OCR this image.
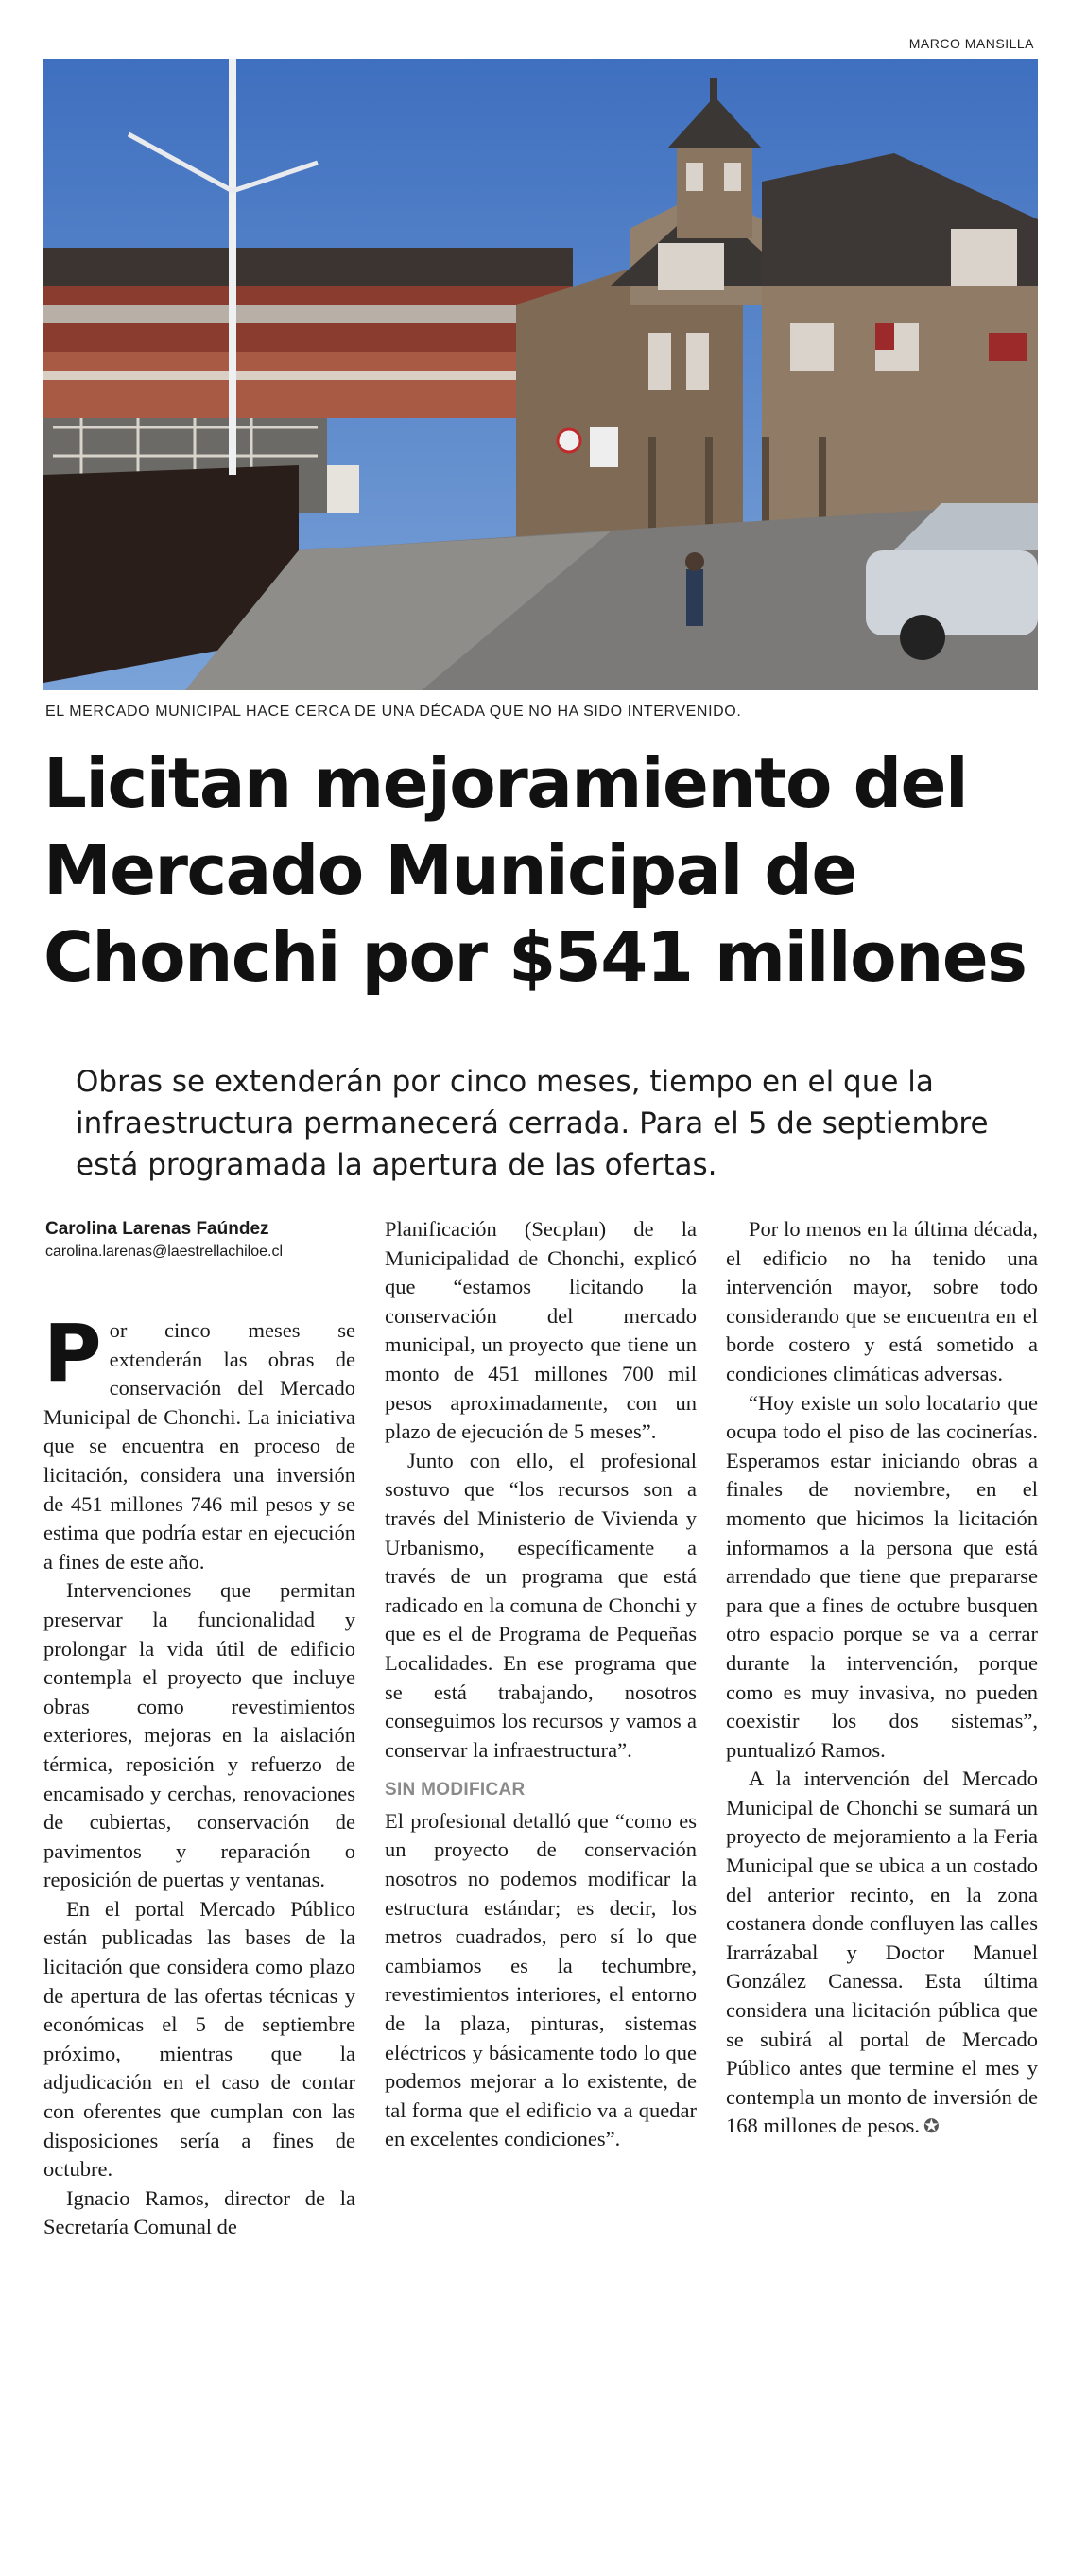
MARCO MANSILLA
EL MERCADO MUNICIPAL HACE CERCA DE UNA DÉCADA QUE NO HA SIDO INTERVENIDO.
Licitan mejoramiento del Mercado Municipal de Chonchi por $541 millones

Obras se extenderán por cinco meses, tiempo en el que la infraestructura permanecerá cerrada. Para el 5 de septiembre está programada la apertura de las ofertas.

Carolina Larenas Faúndez
carolina.larenas@laestrellachiloe.cl

Por cinco meses se extenderán las obras de conservación del Mercado Municipal de Chonchi. La iniciativa que se encuentra en proceso de licitación, considera una inversión de 451 millones 746 mil pesos y se estima que podría estar en ejecución a fines de este año.

Intervenciones que permitan preservar la funcionalidad y prolongar la vida útil de edificio contempla el proyecto que incluye obras como revestimientos exteriores, mejoras en la aislación térmica, reposición y refuerzo de encamisado y cerchas, renovaciones de cubiertas, conservación de pavimentos y reparación o reposición de puertas y ventanas.

En el portal Mercado Público están publicadas las bases de la licitación que considera como plazo de apertura de las ofertas técnicas y económicas el 5 de septiembre próximo, mientras que la adjudicación en el caso de contar con oferentes que cumplan con las disposiciones sería a fines de octubre.

Ignacio Ramos, director de la Secretaría Comunal de

Planificación (Secplan) de la Municipalidad de Chonchi, explicó que “estamos licitando la conservación del mercado municipal, un proyecto que tiene un monto de 451 millones 700 mil pesos aproximadamente, con un plazo de ejecución de 5 meses”.

Junto con ello, el profesional sostuvo que “los recursos son a través del Ministerio de Vivienda y Urbanismo, específicamente a través de un programa que está radicado en la comuna de Chonchi y que es el de Programa de Pequeñas Localidades. En ese programa que se está trabajando, nosotros conseguimos los recursos y vamos a conservar la infraestructura”.

SIN MODIFICAR

El profesional detalló que “como es un proyecto de conservación nosotros no podemos modificar la estructura estándar; es decir, los metros cuadrados, pero sí lo que cambiamos es la techumbre, revestimientos interiores, el entorno de la plaza, pinturas, sistemas eléctricos y básicamente todo lo que podemos mejorar a lo existente, de tal forma que el edificio va a quedar en excelentes condiciones”.

Por lo menos en la última década, el edificio no ha tenido una intervención mayor, sobre todo considerando que se encuentra en el borde costero y está sometido a condiciones climáticas adversas.

“Hoy existe un solo locatario que ocupa todo el piso de las cocinerías. Esperamos estar iniciando obras a finales de noviembre, en el momento que hicimos la licitación informamos a la persona que está arrendado que tiene que prepararse para que a fines de octubre busquen otro espacio porque se va a cerrar durante la intervención, porque como es muy invasiva, no pueden coexistir los dos sistemas”, puntualizó Ramos.

A la intervención del Mercado Municipal de Chonchi se sumará un proyecto de mejoramiento a la Feria Municipal que se ubica a un costado del anterior recinto, en la zona costanera donde confluyen las calles Irarrázabal y Doctor Manuel González Canessa. Esta última considera una licitación pública que se subirá al portal de Mercado Público antes que termine el mes y contempla un monto de inversión de 168 millones de pesos. ✪
